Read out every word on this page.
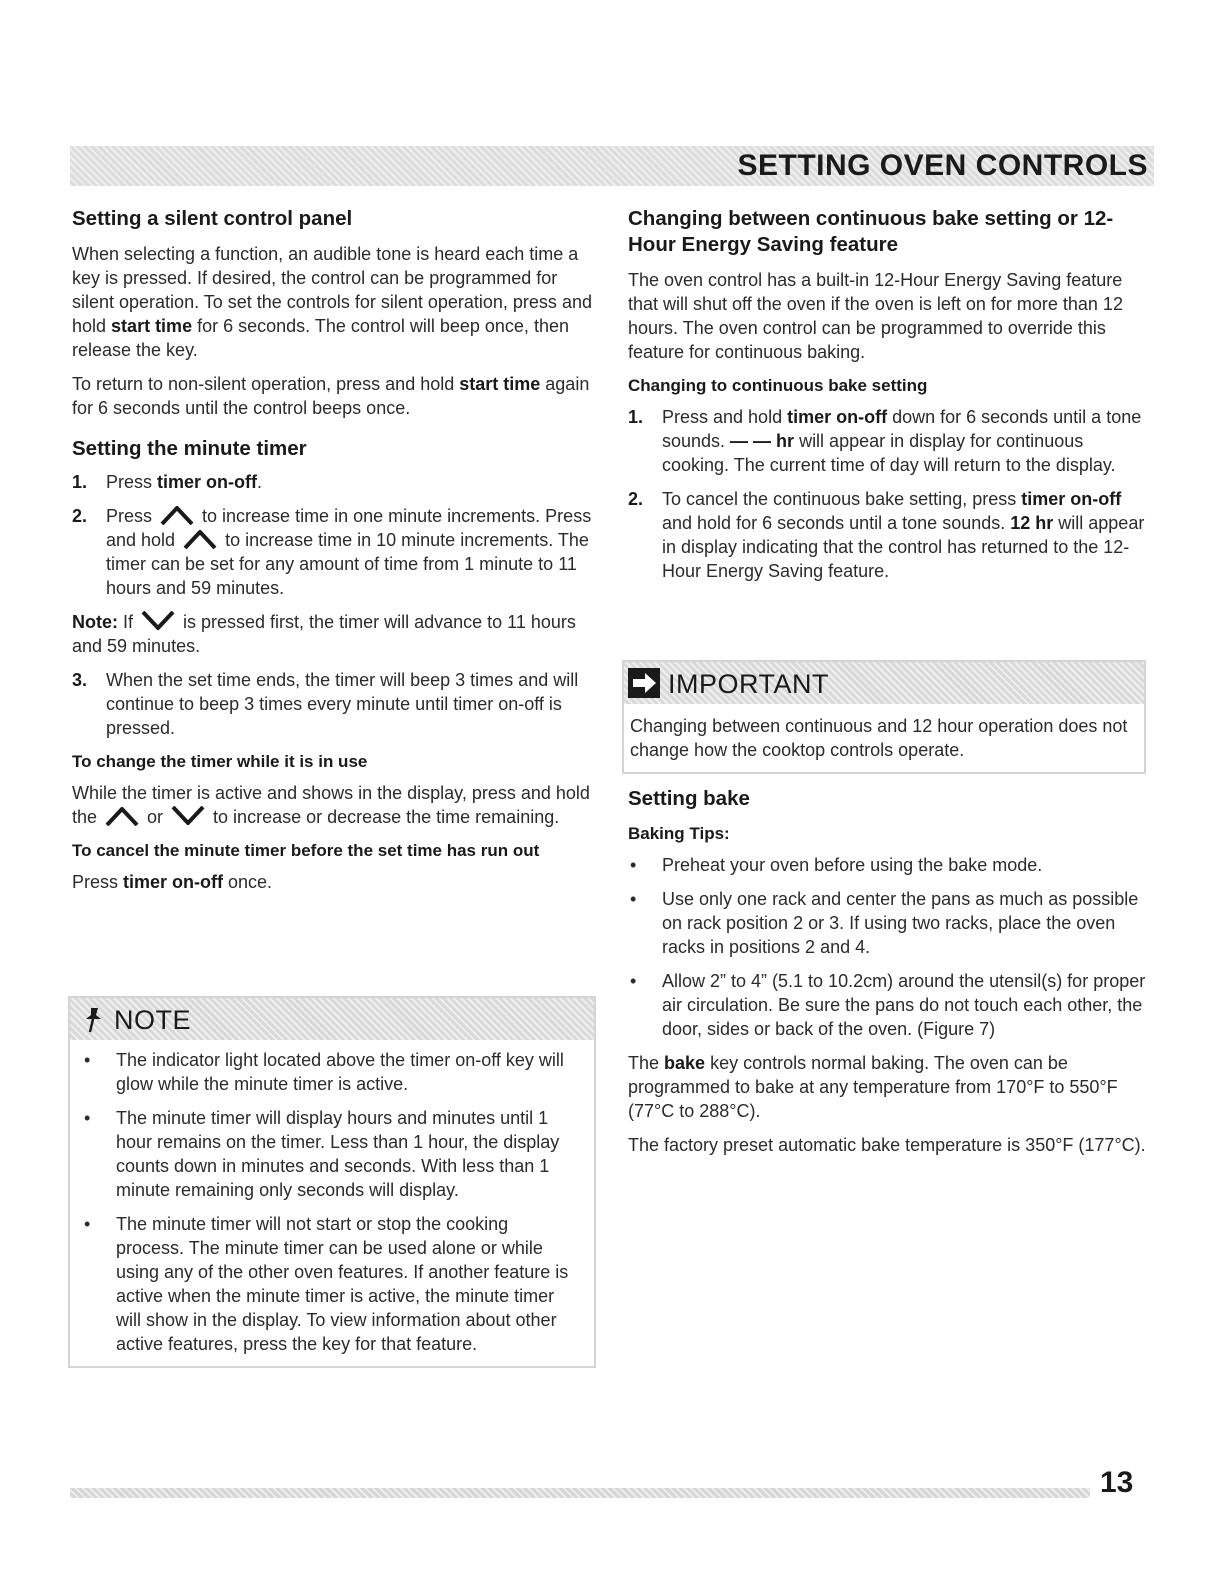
SETTING OVEN CONTROLS
Setting a silent control panel

When selecting a function, an audible tone is heard each time a key is pressed. If desired, the control can be programmed for silent operation. To set the controls for silent operation, press and hold start time for 6 seconds. The control will beep once, then release the key.

To return to non-silent operation, press and hold start time again for 6 seconds until the control beeps once.

Setting the minute timer
1. Press timer on-off.
2. Press  to increase time in one minute increments. Press and hold  to increase time in 10 minute increments. The timer can be set for any amount of time from 1 minute to 11 hours and 59 minutes.

Note: If  is pressed first, the timer will advance to 11 hours and 59 minutes.

3. When the set time ends, the timer will beep 3 times and will continue to beep 3 times every minute until timer on-off is pressed.
To change the timer while it is in use

While the timer is active and shows in the display, press and hold the  or  to increase or decrease the time remaining.

To cancel the minute timer before the set time has run out

Press timer on-off once.

NOTE
• The indicator light located above the timer on-off key will glow while the minute timer is active.
• The minute timer will display hours and minutes until 1 hour remains on the timer. Less than 1 hour, the display counts down in minutes and seconds. With less than 1 minute remaining only seconds will display.
• The minute timer will not start or stop the cooking process. The minute timer can be used alone or while using any of the other oven features. If another feature is active when the minute timer is active, the minute timer will show in the display. To view information about other active features, press the key for that feature.
Changing between continuous bake setting or 12-Hour Energy Saving feature

The oven control has a built-in 12-Hour Energy Saving feature that will shut off the oven if the oven is left on for more than 12 hours. The oven control can be programmed to override this feature for continuous baking.

Changing to continuous bake setting
1. Press and hold timer on-off down for 6 seconds until a tone sounds. — — hr will appear in display for continuous cooking. The current time of day will return to the display.
2. To cancel the continuous bake setting, press timer on-off and hold for 6 seconds until a tone sounds. 12 hr will appear in display indicating that the control has returned to the 12-Hour Energy Saving feature.
IMPORTANT
Changing between continuous and 12 hour operation does not change how the cooktop controls operate.
Setting bake
Baking Tips:
• Preheat your oven before using the bake mode.
• Use only one rack and center the pans as much as possible on rack position 2 or 3. If using two racks, place the oven racks in positions 2 and 4.
• Allow 2” to 4” (5.1 to 10.2cm) around the utensil(s) for proper air circulation. Be sure the pans do not touch each other, the door, sides or back of the oven. (Figure 7)

The bake key controls normal baking. The oven can be programmed to bake at any temperature from 170°F to 550°F (77°C to 288°C).

The factory preset automatic bake temperature is 350°F (177°C).

13
